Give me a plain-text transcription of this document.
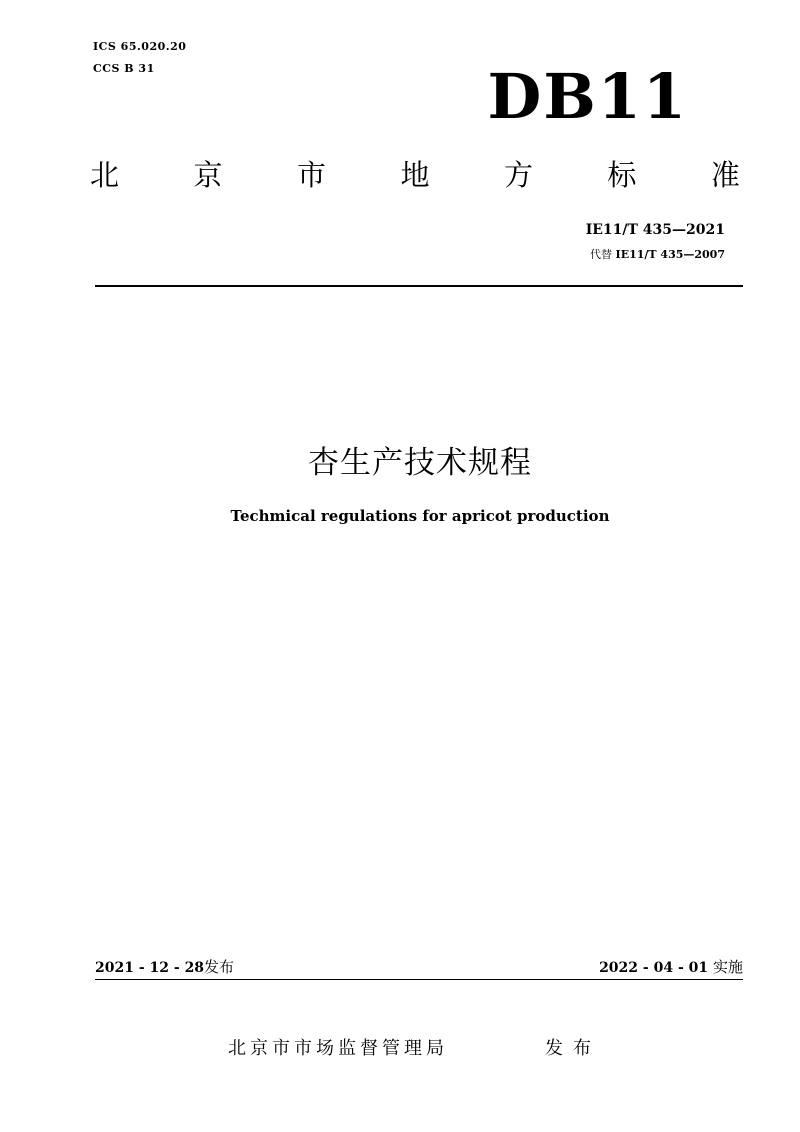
ICS 65.020.20
CCS B 31	DB11
北	京	市	地	方	标	准
IE11/T 435—2021
代替 IE11/T 435—2007
杏生产技术规程
Techmical regulations for apricot production
2021 - 12 - 28发布	2022 - 04 - 01 实施
北京市市场监督管理局	发布
